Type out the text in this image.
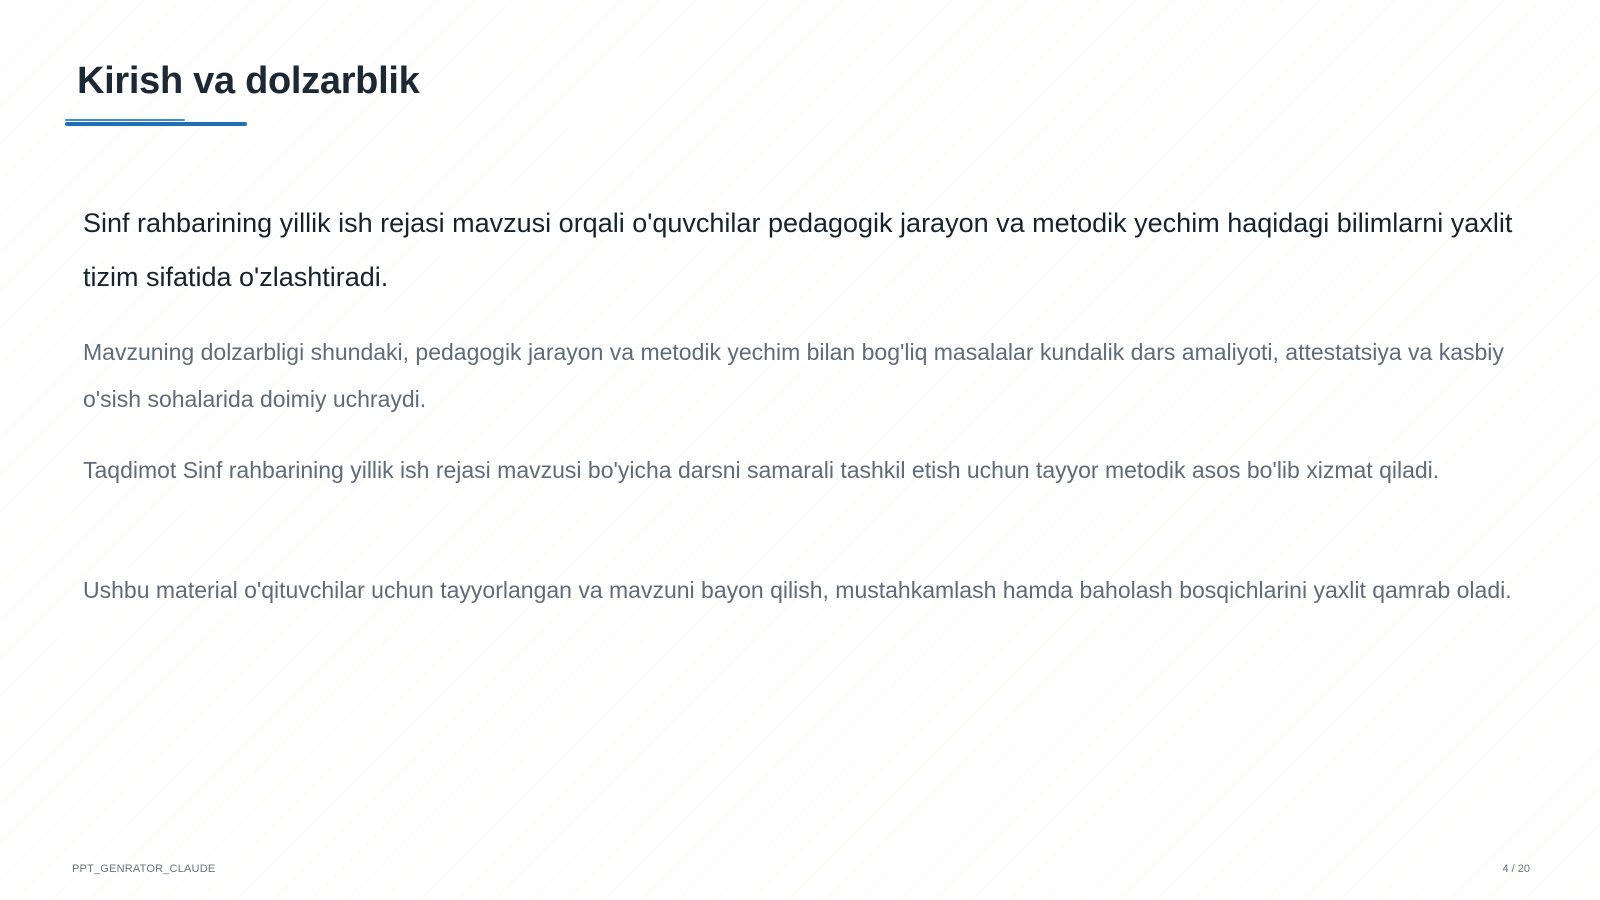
Kirish va dolzarblik

Sinf rahbarining yillik ish rejasi mavzusi orqali o'quvchilar pedagogik jarayon va metodik yechim haqidagi bilimlarni yaxlit tizim sifatida o'zlashtiradi.

Mavzuning dolzarbligi shundaki, pedagogik jarayon va metodik yechim bilan bog'liq masalalar kundalik dars amaliyoti, attestatsiya va kasbiy o'sish sohalarida doimiy uchraydi.

Taqdimot Sinf rahbarining yillik ish rejasi mavzusi bo'yicha darsni samarali tashkil etish uchun tayyor metodik asos bo'lib xizmat qiladi.

Ushbu material o'qituvchilar uchun tayyorlangan va mavzuni bayon qilish, mustahkamlash hamda baholash bosqichlarini yaxlit qamrab oladi.

PPT_GENRATOR_CLAUDE	4 / 20
